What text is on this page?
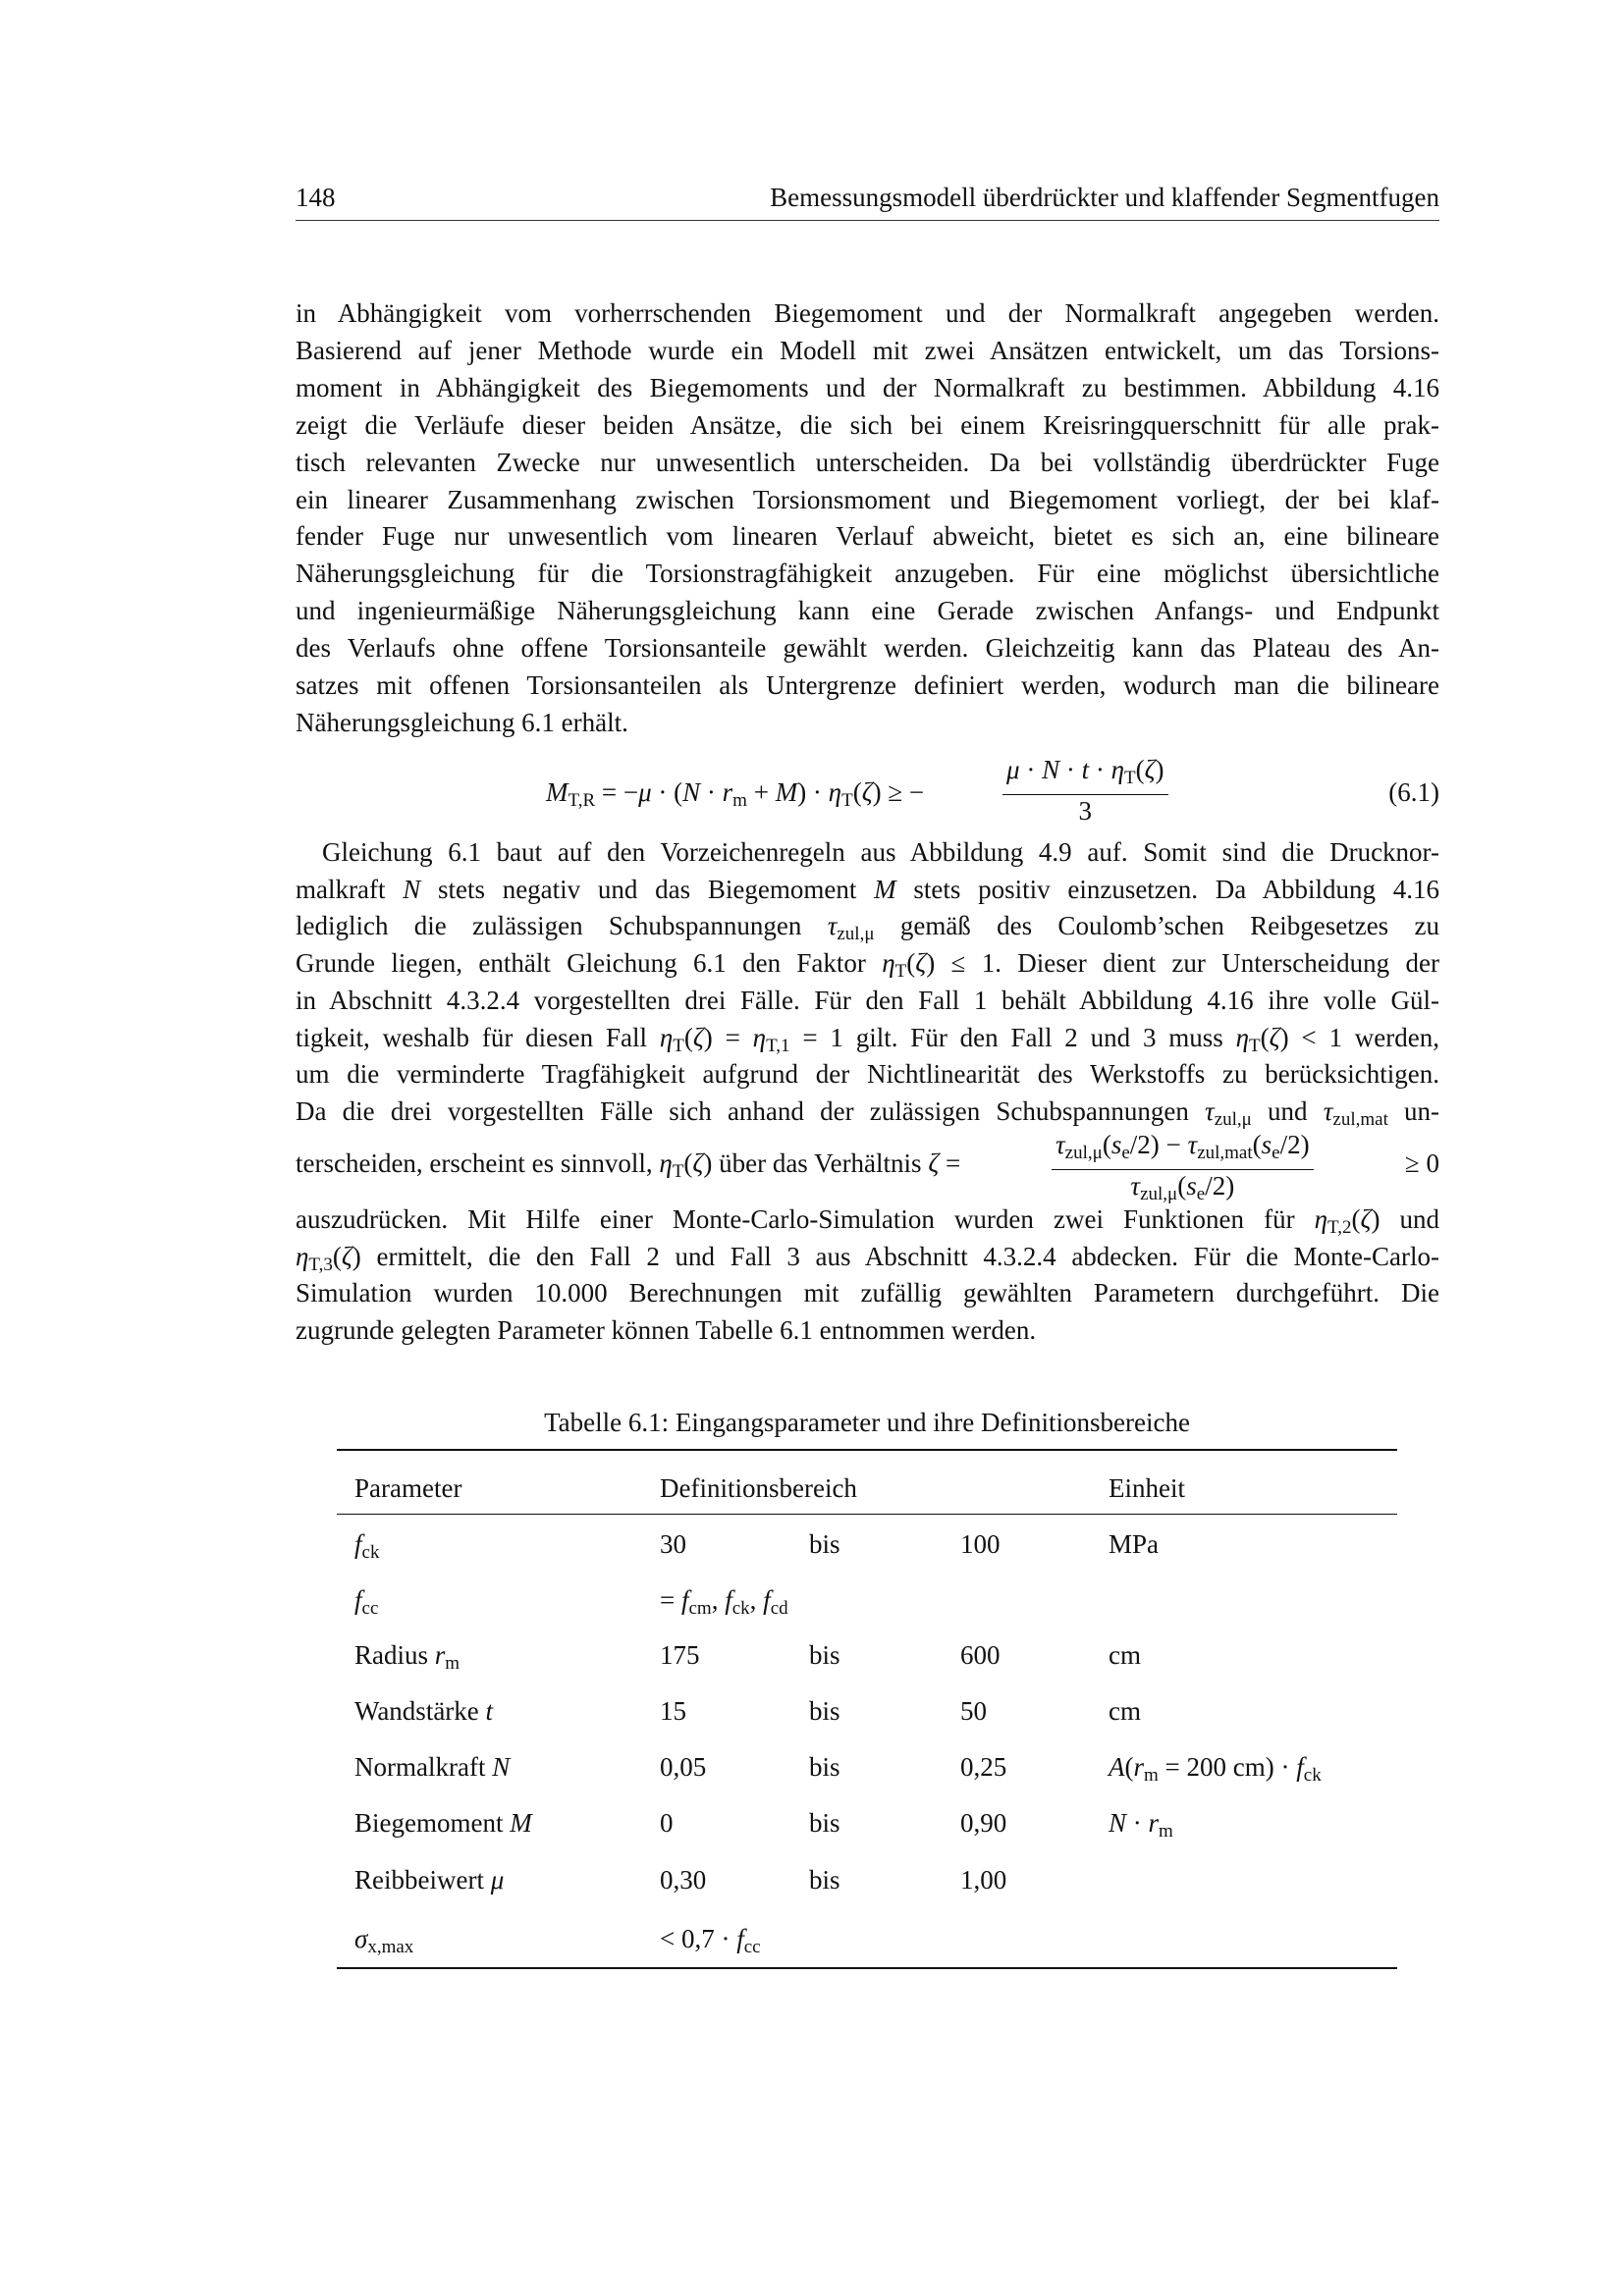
148	Bemessungsmodell überdrückter und klaffender Segmentfugen
in Abhängigkeit vom vorherrschenden Biegemoment und der Normalkraft angegeben werden.
Basierend auf jener Methode wurde ein Modell mit zwei Ansätzen entwickelt, um das Torsions-
moment in Abhängigkeit des Biegemoments und der Normalkraft zu bestimmen. Abbildung 4.16
zeigt die Verläufe dieser beiden Ansätze, die sich bei einem Kreisringquerschnitt für alle prak-
tisch relevanten Zwecke nur unwesentlich unterscheiden. Da bei vollständig überdrückter Fuge
ein linearer Zusammenhang zwischen Torsionsmoment und Biegemoment vorliegt, der bei klaf-
fender Fuge nur unwesentlich vom linearen Verlauf abweicht, bietet es sich an, eine bilineare
Näherungsgleichung für die Torsionstragfähigkeit anzugeben. Für eine möglichst übersichtliche
und ingenieurmäßige Näherungsgleichung kann eine Gerade zwischen Anfangs- und Endpunkt
des Verlaufs ohne offene Torsionsanteile gewählt werden. Gleichzeitig kann das Plateau des An-
satzes mit offenen Torsionsanteilen als Untergrenze definiert werden, wodurch man die bilineare
Näherungsgleichung 6.1 erhält.
MT,R = −μ · (N · rm + M) · ηT(ζ) ≥ −	$\frac{\mu \cdot N \cdot t \cdot \eta T(\zeta)}{3}$	(6.1)
Gleichung 6.1 baut auf den Vorzeichenregeln aus Abbildung 4.9 auf. Somit sind die Drucknor-
malkraft N stets negativ und das Biegemoment M stets positiv einzusetzen. Da Abbildung 4.16
lediglich die zulässigen Schubspannungen τzul,μ gemäß des Coulomb’schen Reibgesetzes zu
Grunde liegen, enthält Gleichung 6.1 den Faktor ηT(ζ) ≤ 1. Dieser dient zur Unterscheidung der
in Abschnitt 4.3.2.4 vorgestellten drei Fälle. Für den Fall 1 behält Abbildung 4.16 ihre volle Gül-
tigkeit, weshalb für diesen Fall ηT(ζ) = ηT,1 = 1 gilt. Für den Fall 2 und 3 muss ηT(ζ) < 1 werden,
um die verminderte Tragfähigkeit aufgrund der Nichtlinearität des Werkstoffs zu berücksichtigen.
Da die drei vorgestellten Fälle sich anhand der zulässigen Schubspannungen τzul,μ und τzul,mat un-
terscheiden, erscheint es sinnvoll, ηT(ζ) über das Verhältnis ζ =
τzul,μ(se/2) − τzul,mat(se/2)
τzul,μ(se/2)
≥ 0
auszudrücken. Mit Hilfe einer Monte-Carlo-Simulation wurden zwei Funktionen für ηT,2(ζ) und
ηT,3(ζ) ermittelt, die den Fall 2 und Fall 3 aus Abschnitt 4.3.2.4 abdecken. Für die Monte-Carlo-
Simulation wurden 10.000 Berechnungen mit zufällig gewählten Parametern durchgeführt. Die
zugrunde gelegten Parameter können Tabelle 6.1 entnommen werden.
Tabelle 6.1: Eingangsparameter und ihre Definitionsbereiche
Parameter	Definitionsbereich	Einheit
fck	30	bis	100	MPa
fcc	= fcm, fck, fcd
Radius rm	175	bis	600	cm
Wandstärke t	15	bis	50	cm
Normalkraft N	0,05	bis	0,25	A(rm = 200 cm) · fck
Biegemoment M	0	bis	0,90	N · rm
Reibbeiwert μ	0,30	bis	1,00
σx,max	< 0,7 · fcc
